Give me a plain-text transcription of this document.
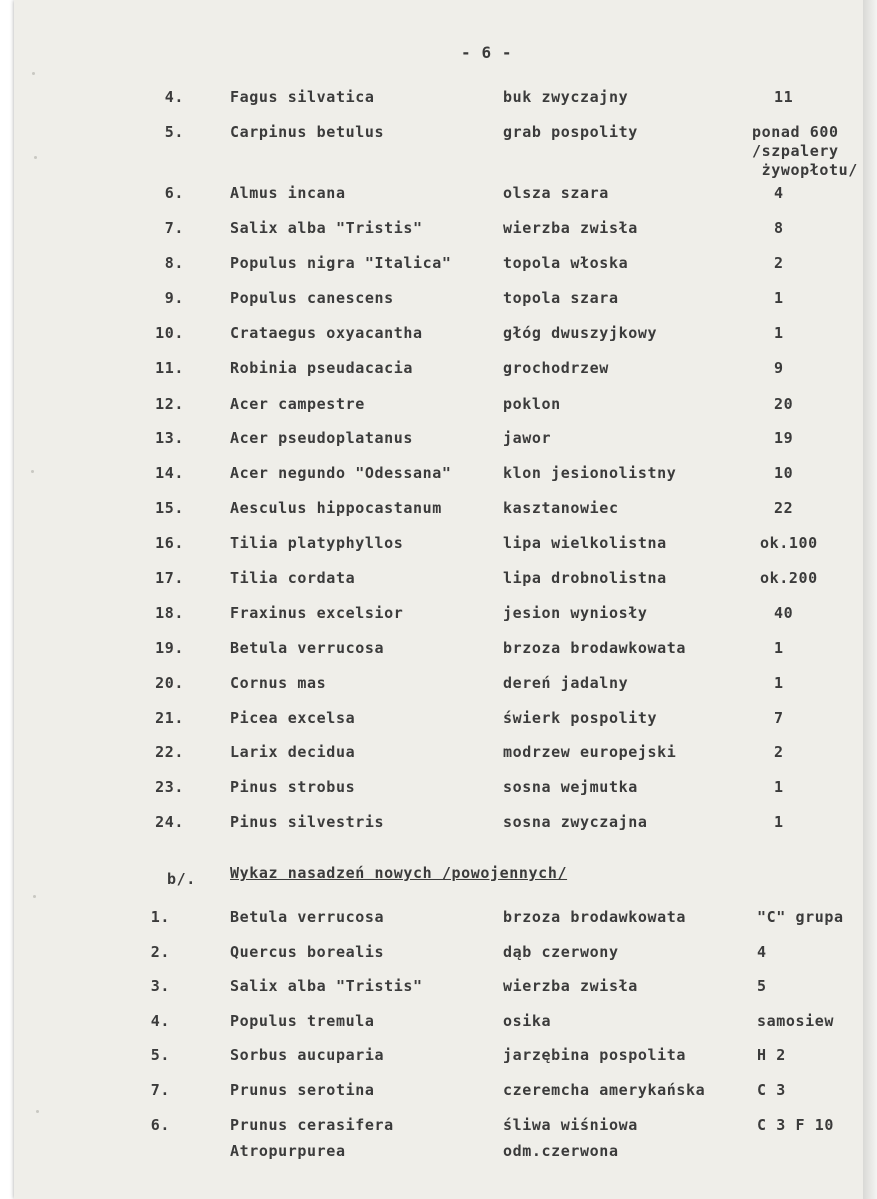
- 6 -
4.	Fagus silvatica	buk zwyczajny	11
5.	Carpinus betulus	grab pospolity	ponad 600
/szpalery
żywopłotu/
6.	Almus incana	olsza szara	4
7.	Salix alba "Tristis"	wierzba zwisła	8
8.	Populus nigra "Italica"	topola włoska	2
9.	Populus canescens	topola szara	1
10.	Crataegus oxyacantha	głóg dwuszyjkowy	1
11.	Robinia pseudacacia	grochodrzew	9
12.	Acer campestre	poklon	20
13.	Acer pseudoplatanus	jawor	19
14.	Acer negundo "Odessana"	klon jesionolistny	10
15.	Aesculus hippocastanum	kasztanowiec	22
16.	Tilia platyphyllos	lipa wielkolistna	ok.100
17.	Tilia cordata	lipa drobnolistna	ok.200
18.	Fraxinus excelsior	jesion wyniosły	40
19.	Betula verrucosa	brzoza brodawkowata	1
20.	Cornus mas	dereń jadalny	1
21.	Picea excelsa	świerk pospolity	7
22.	Larix decidua	modrzew europejski	2
23.	Pinus strobus	sosna wejmutka	1
24.	Pinus silvestris	sosna zwyczajna	1
b/. Wykaz nasadzeń nowych /powojennych/
1.	Betula verrucosa	brzoza brodawkowata	"C" grupa
2.	Quercus borealis	dąb czerwony	4
3.	Salix alba "Tristis"	wierzba zwisła	5
4.	Populus tremula	osika	samosiew
5.	Sorbus aucuparia	jarzębina pospolita	H 2
7.	Prunus serotina	czeremcha amerykańska	C 3
6.	Prunus cerasifera	śliwa wiśniowa	C 3 F 10
Atropurpurea	odm.czerwona
